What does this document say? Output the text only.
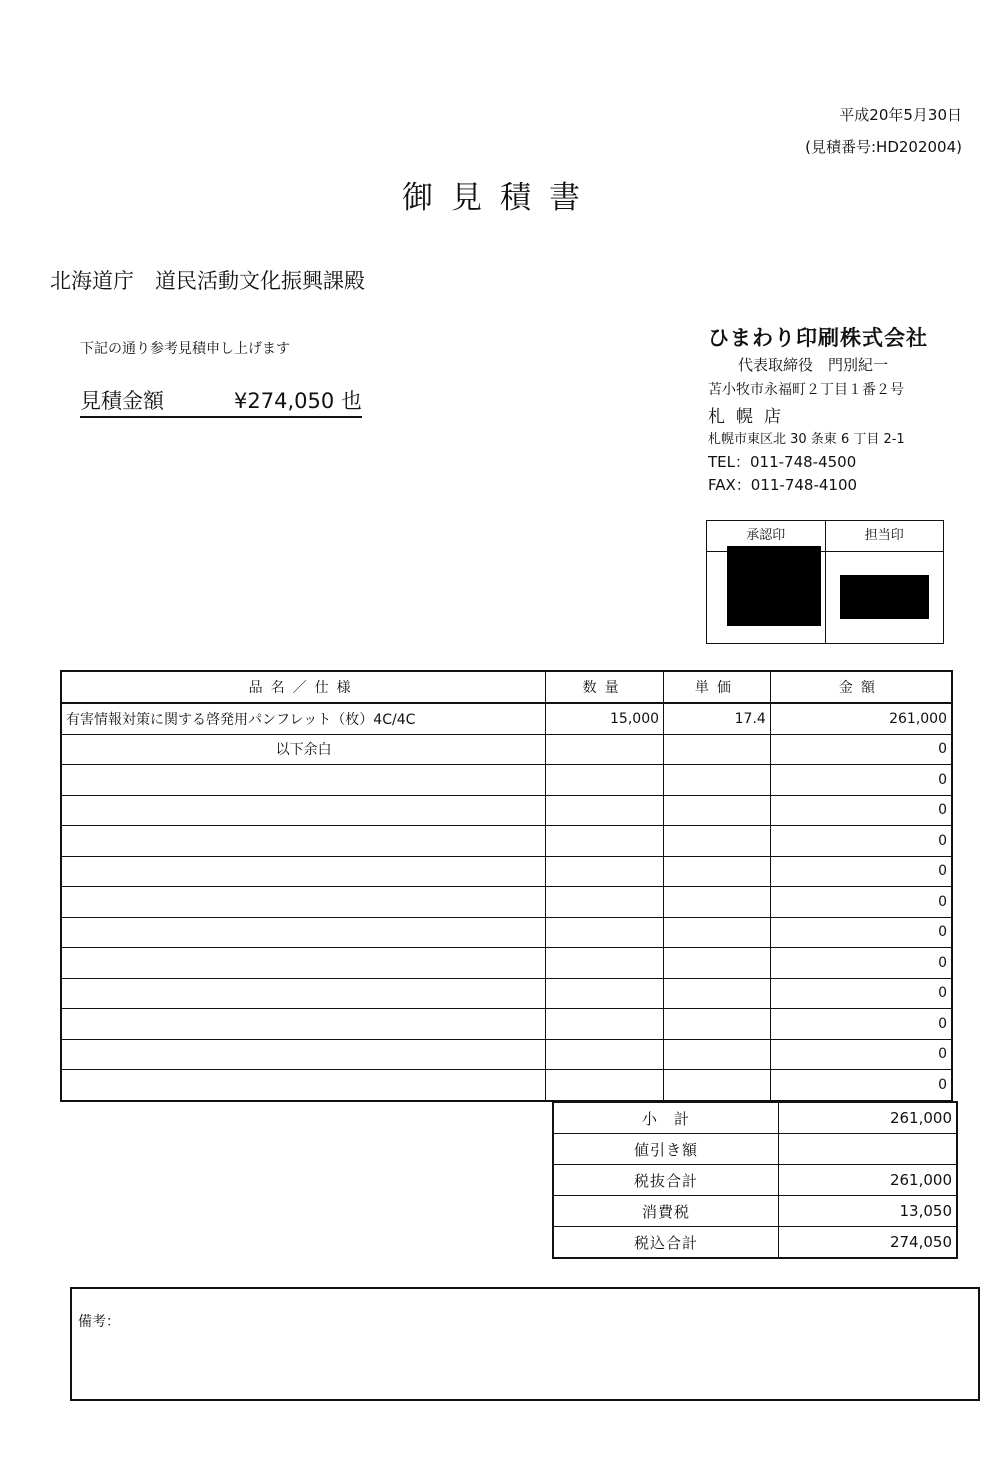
平成20年5月30日
(見積番号:HD202004)
御見積書
北海道庁　道民活動文化振興課殿
下記の通り参考見積申し上げます
見積金額	¥274,050 也
ひまわり印刷株式会社
代表取締役　門別紀一
苫小牧市永福町２丁目１番２号
札幌店
札幌市東区北 30 条東 6 丁目 2-1
TEL：011-748-4500
FAX：011-748-4100
承認印	担当印
品名／仕様	数量	単価	金額
有害情報対策に関する啓発用パンフレット（枚）4C/4C	15,000	17.4	261,000
以下余白			0
			0
			0
			0
			0
			0
			0
			0
			0
			0
			0
			0
小　計	261,000
値引き額	
税抜合計	261,000
消費税	13,050
税込合計	274,050
備考：
